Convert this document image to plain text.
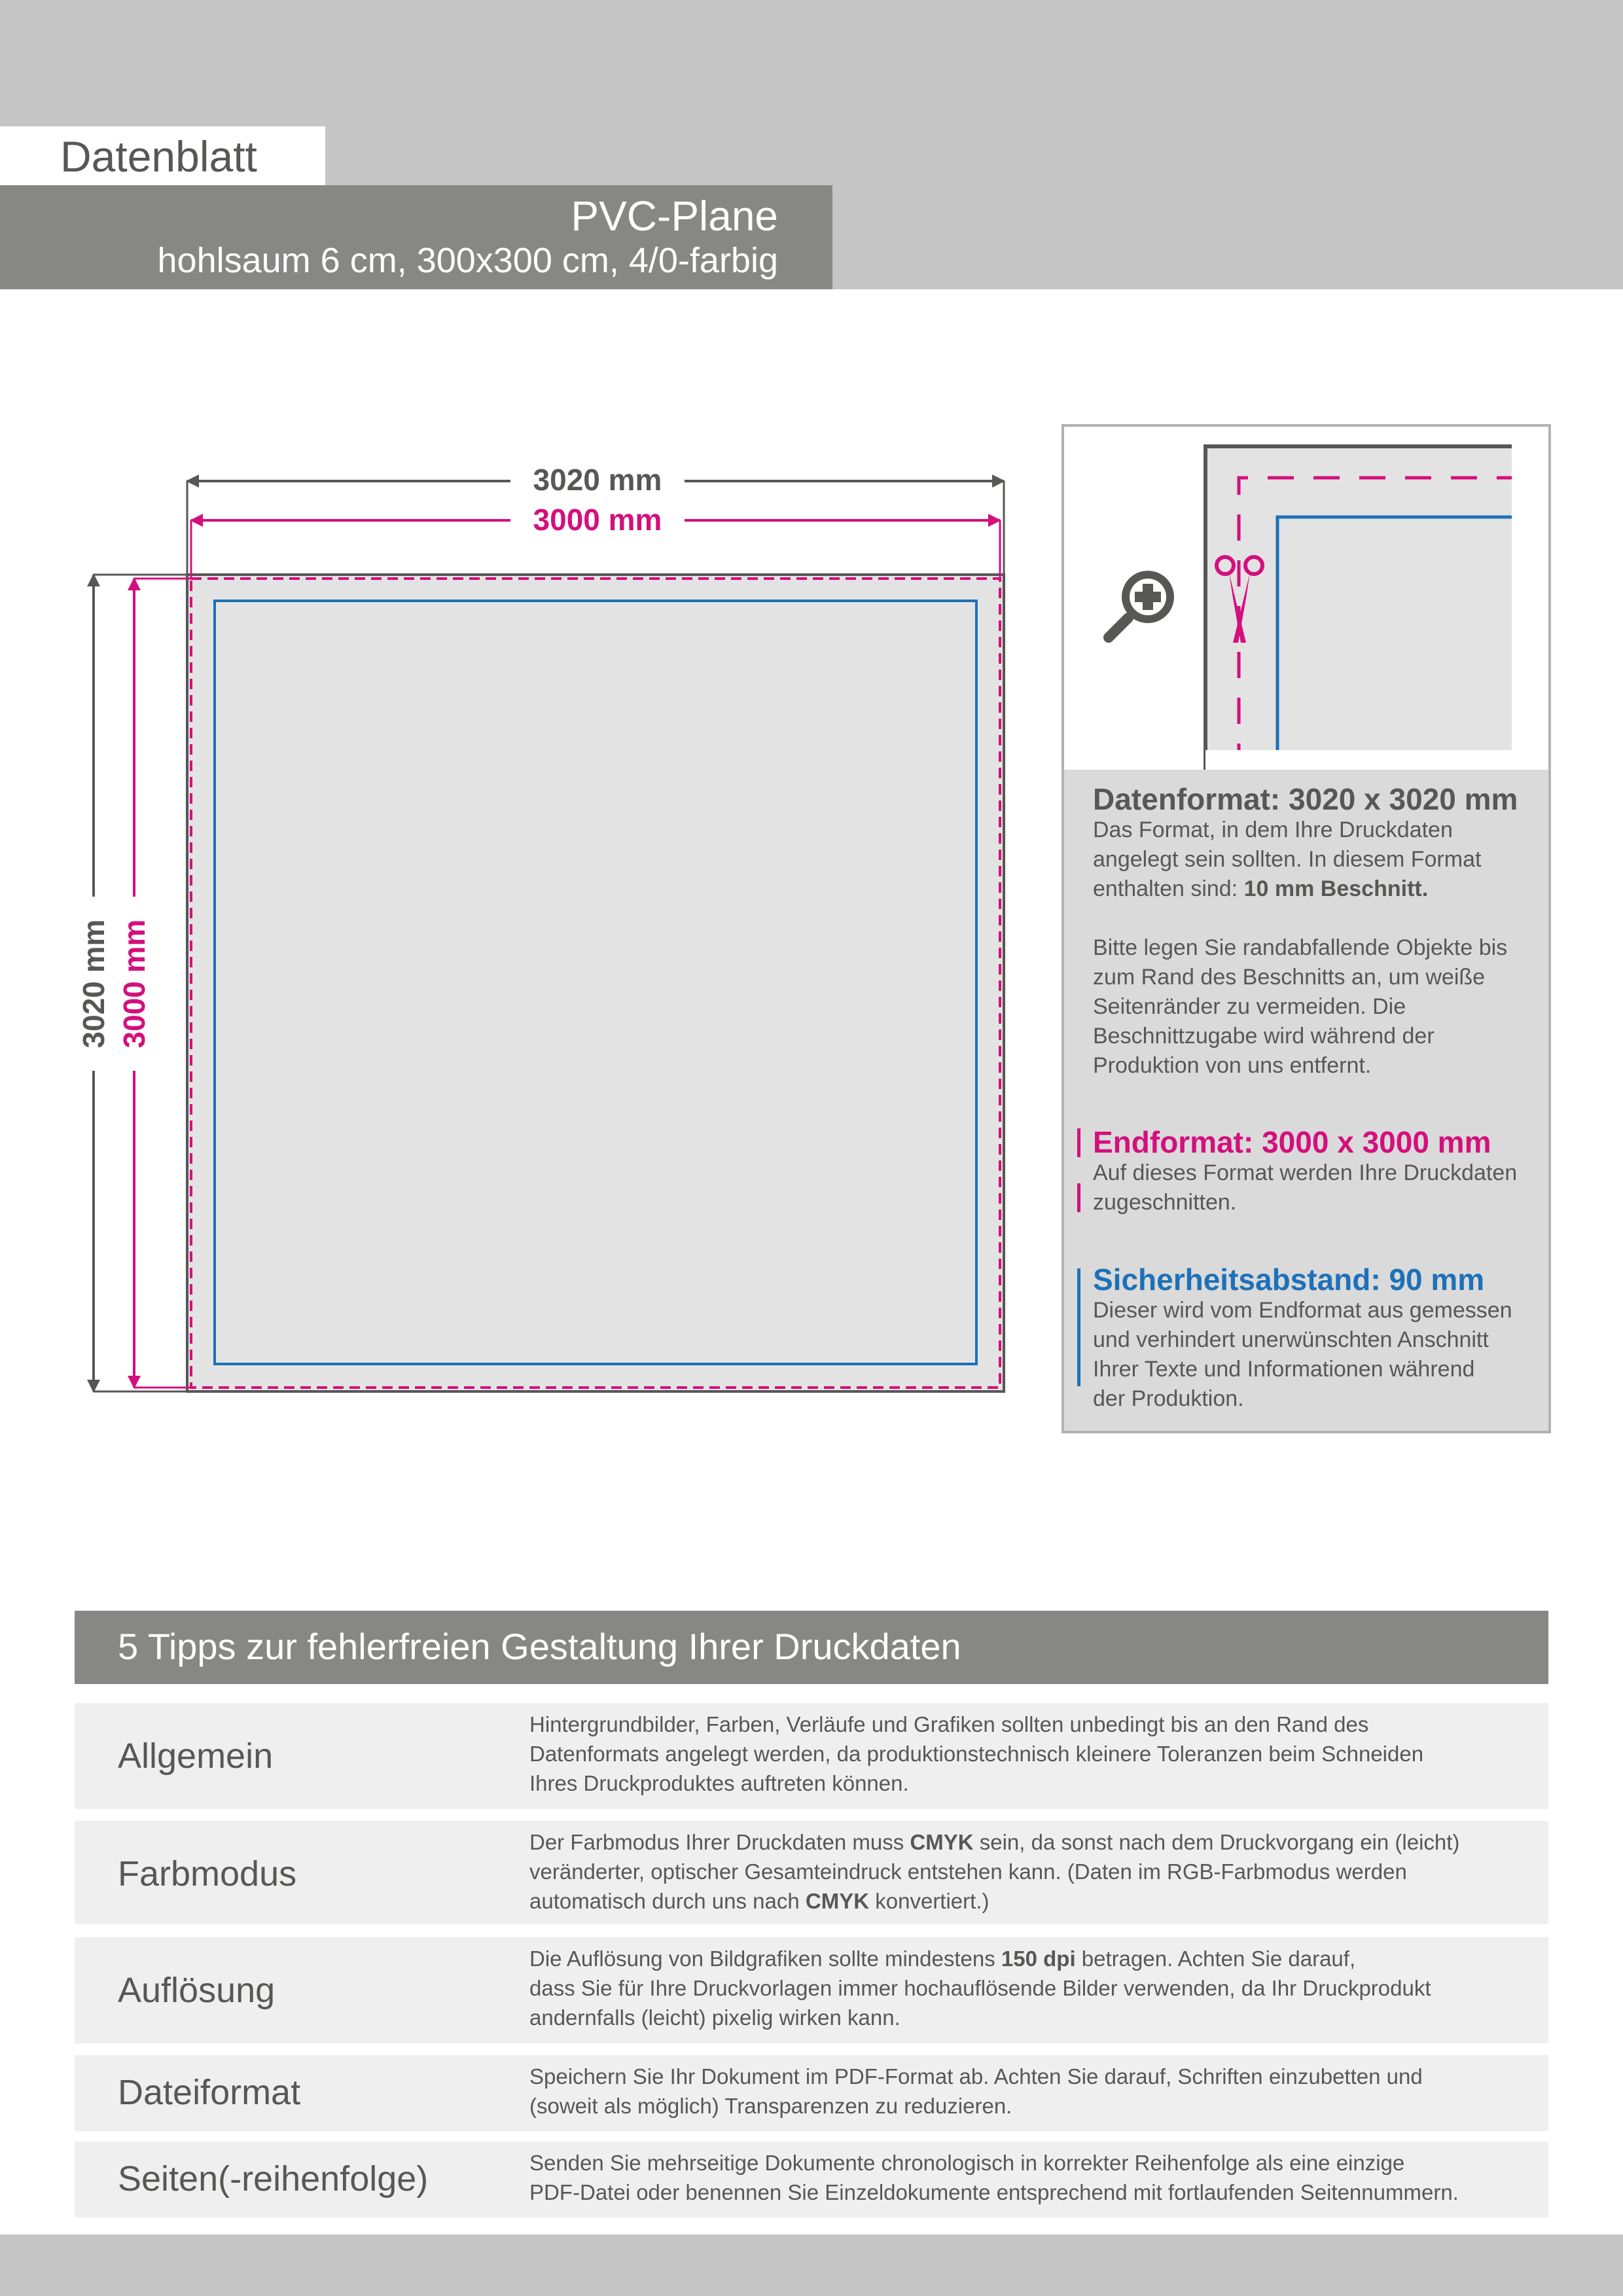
Datenblatt
PVC-Plane
hohlsaum 6 cm, 300x300 cm, 4/0-farbig
3020 mm
3000 mm
3020 mm 3000 mm
Datenformat: 3020 x 3020 mm
Das Format, in dem Ihre Druckdaten
angelegt sein sollten. In diesem Format
enthalten sind: 10 mm Beschnitt.
Bitte legen Sie randabfallende Objekte bis
zum Rand des Beschnitts an, um weiße
Seitenränder zu vermeiden. Die
Beschnittzugabe wird während der
Produktion von uns entfernt.
Endformat: 3000 x 3000 mm
Auf dieses Format werden Ihre Druckdaten
zugeschnitten.
Sicherheitsabstand: 90 mm
Dieser wird vom Endformat aus gemessen
und verhindert unerwünschten Anschnitt
Ihrer Texte und Informationen während
der Produktion.
5 Tipps zur fehlerfreien Gestaltung Ihrer Druckdaten
Allgemein
Hintergrundbilder, Farben, Verläufe und Grafiken sollten unbedingt bis an den Rand des
Datenformats angelegt werden, da produktionstechnisch kleinere Toleranzen beim Schneiden
Ihres Druckproduktes auftreten können.
Farbmodus
Der Farbmodus Ihrer Druckdaten muss CMYK sein, da sonst nach dem Druckvorgang ein (leicht)
veränderter, optischer Gesamteindruck entstehen kann. (Daten im RGB-Farbmodus werden
automatisch durch uns nach CMYK konvertiert.)
Auflösung
Die Auflösung von Bildgrafiken sollte mindestens 150 dpi betragen. Achten Sie darauf,
dass Sie für Ihre Druckvorlagen immer hochauflösende Bilder verwenden, da Ihr Druckprodukt
andernfalls (leicht) pixelig wirken kann.
Dateiformat	Speichern Sie Ihr Dokument im PDF-Format ab. Achten Sie darauf, Schriften einzubetten und
(soweit als möglich) Transparenzen zu reduzieren.
Seiten(-reihenfolge)	Senden Sie mehrseitige Dokumente chronologisch in korrekter Reihenfolge als eine einzige
PDF-Datei oder benennen Sie Einzeldokumente entsprechend mit fortlaufenden Seitennummern.
